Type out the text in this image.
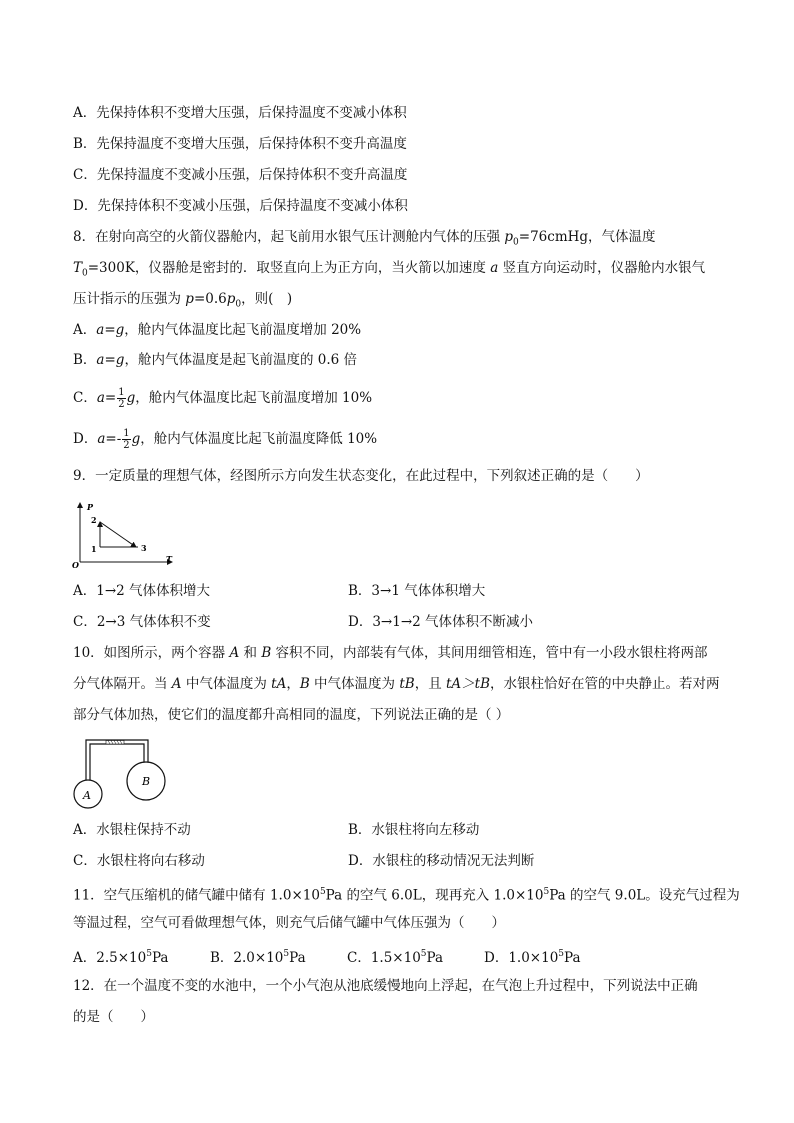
A．先保持体积不变增大压强，后保持温度不变减小体积
B．先保持温度不变增大压强，后保持体积不变升高温度
C．先保持温度不变减小压强，后保持体积不变升高温度
D．先保持体积不变减小压强，后保持温度不变减小体积
8．在射向高空的火箭仪器舱内，起飞前用水银气压计测舱内气体的压强 $p_0=76cmHg$，气体温度
$T_0=300K$，仪器舱是密封的．取竖直向上为正方向，当火箭以加速度 a 竖直方向运动时，仪器舱内水银气
压计指示的压强为 $p=0.6p_0$，则(　)
A．a=g，舱内气体温度比起飞前温度增加 20%
B．a=g，舱内气体温度是起飞前温度的 0.6 倍
C．$a= \frac{1}{2}$ g，舱内气体温度比起飞前温度增加 10%
D．$a=- \frac{1}{2}$ g，舱内气体温度比起飞前温度降低 10%
9．一定质量的理想气体，经图所示方向发生状态变化，在此过程中，下列叙述正确的是（　　）
P
T
O
1
2
3
A．1→2 气体体积增大	B．3→1 气体体积增大
C．2→3 气体体积不变	D．3→1→2 气体体积不断减小
10．如图所示，两个容器 A 和 B 容积不同，内部装有气体，其间用细管相连，管中有一小段水银柱将两部
分气体隔开。当 A 中气体温度为 tA，B 中气体温度为 tB，且 tA＞tB，水银柱恰好在管的中央静止。若对两
部分气体加热，使它们的温度都升高相同的温度，下列说法正确的是（ ）
A
B
A．水银柱保持不动	B．水银柱将向左移动
C．水银柱将向右移动	D．水银柱的移动情况无法判断
11．空气压缩机的储气罐中储有 $1.0\times 10^5Pa$ 的空气 6.0L，现再充入 $1.0\times 10^5Pa$ 的空气 9.0L。设充气过程为
等温过程，空气可看做理想气体，则充气后储气罐中气体压强为（　　）
A．$2.5\times 10^5Pa$	B．$2.0\times 10^5Pa$	C．$1.5\times 10^5Pa$	D．$1.0\times 10^5Pa$
12．在一个温度不变的水池中，一个小气泡从池底缓慢地向上浮起，在气泡上升过程中，下列说法中正确
的是（　　）
